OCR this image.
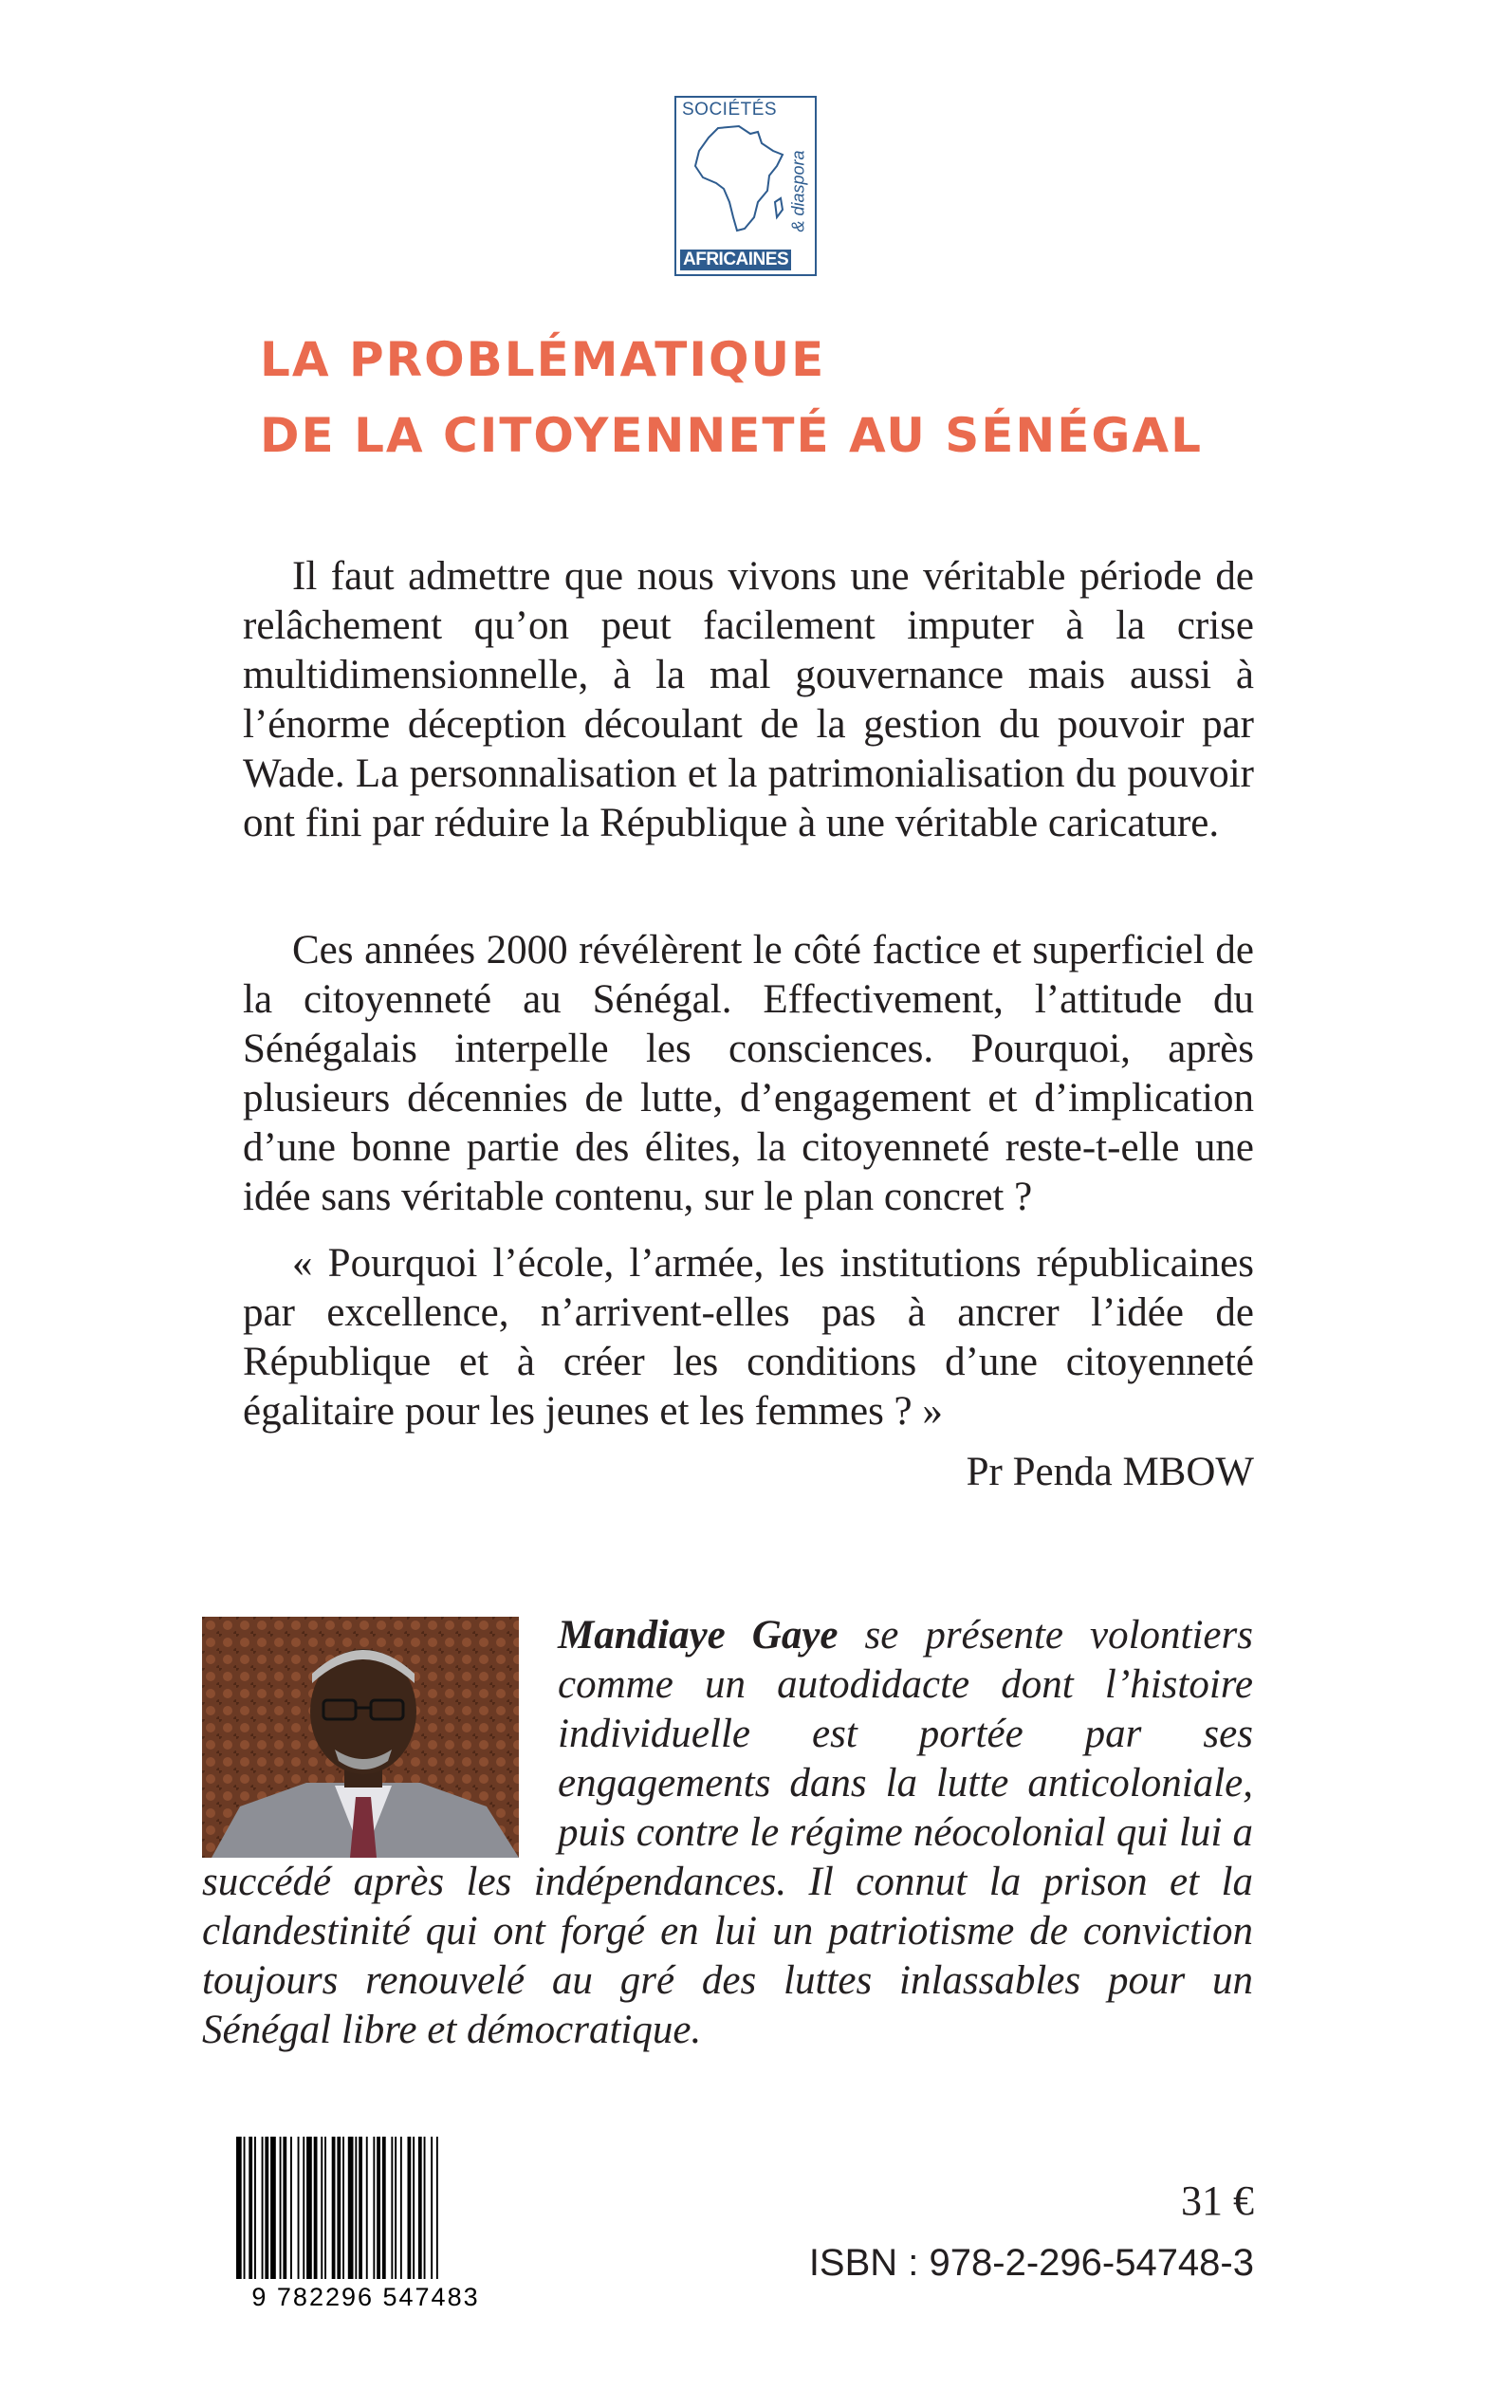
SOCIÉTÉS
& diaspora
AFRICAINES
LA PROBLÉMATIQUE
DE LA CITOYENNETÉ AU SÉNÉGAL

Il faut admettre que nous vivons une véritable période de relâchement qu’on peut facilement imputer à la crise multidimensionnelle, à la mal gouvernance mais aussi à l’énorme déception découlant de la gestion du pouvoir par Wade. La personnalisation et la patrimonialisation du pouvoir ont fini par réduire la République à une véritable caricature.

Ces années 2000 révélèrent le côté factice et superficiel de la citoyenneté au Sénégal. Effectivement, l’attitude du Sénégalais interpelle les consciences. Pourquoi, après plusieurs décennies de lutte, d’engagement et d’implication d’une bonne partie des élites, la citoyenneté reste-t-elle une idée sans véritable contenu, sur le plan concret ?

« Pourquoi l’école, l’armée, les institutions républicaines par excellence, n’arrivent-elles pas à ancrer l’idée de République et à créer les conditions d’une citoyenneté égalitaire pour les jeunes et les femmes ? »

Pr Penda MBOW

Mandiaye Gaye se présente volontiers comme un autodidacte dont l’histoire individuelle est portée par ses engagements dans la lutte anticoloniale, puis contre le régime néocolonial qui lui a succédé après les indépendances. Il connut la prison et la clandestinité qui ont forgé en lui un patriotisme de conviction toujours renouvelé au gré des luttes inlassables pour un Sénégal libre et démocratique.

9 782296 547483

31 €

ISBN : 978-2-296-54748-3
